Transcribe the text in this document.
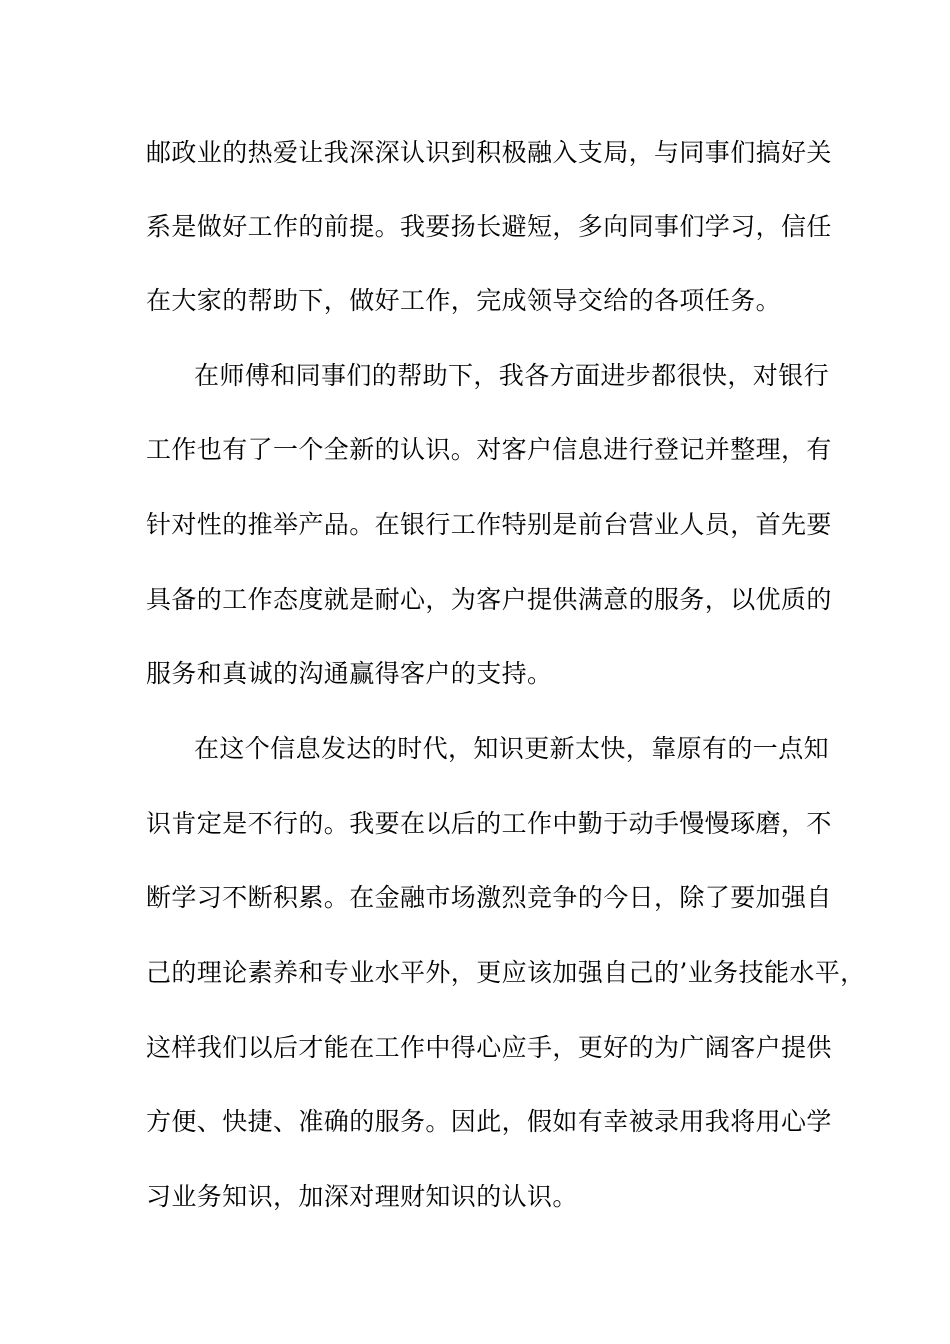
邮政业的热爱让我深深认识到积极融入支局，与同事们搞好关
系是做好工作的前提。我要扬长避短，多向同事们学习，信任
在大家的帮助下，做好工作，完成领导交给的各项任务。
在师傅和同事们的帮助下，我各方面进步都很快，对银行
工作也有了一个全新的认识。对客户信息进行登记并整理，有
针对性的推举产品。在银行工作特别是前台营业人员，首先要
具备的工作态度就是耐心，为客户提供满意的服务，以优质的
服务和真诚的沟通赢得客户的支持。
在这个信息发达的时代，知识更新太快，靠原有的一点知
识肯定是不行的。我要在以后的工作中勤于动手慢慢琢磨，不
断学习不断积累。在金融市场激烈竞争的今日，除了要加强自
己的理论素养和专业水平外，更应该加强自己的’业务技能水平，
这样我们以后才能在工作中得心应手，更好的为广阔客户提供
方便、快捷、准确的服务。因此，假如有幸被录用我将用心学
习业务知识，加深对理财知识的认识。
